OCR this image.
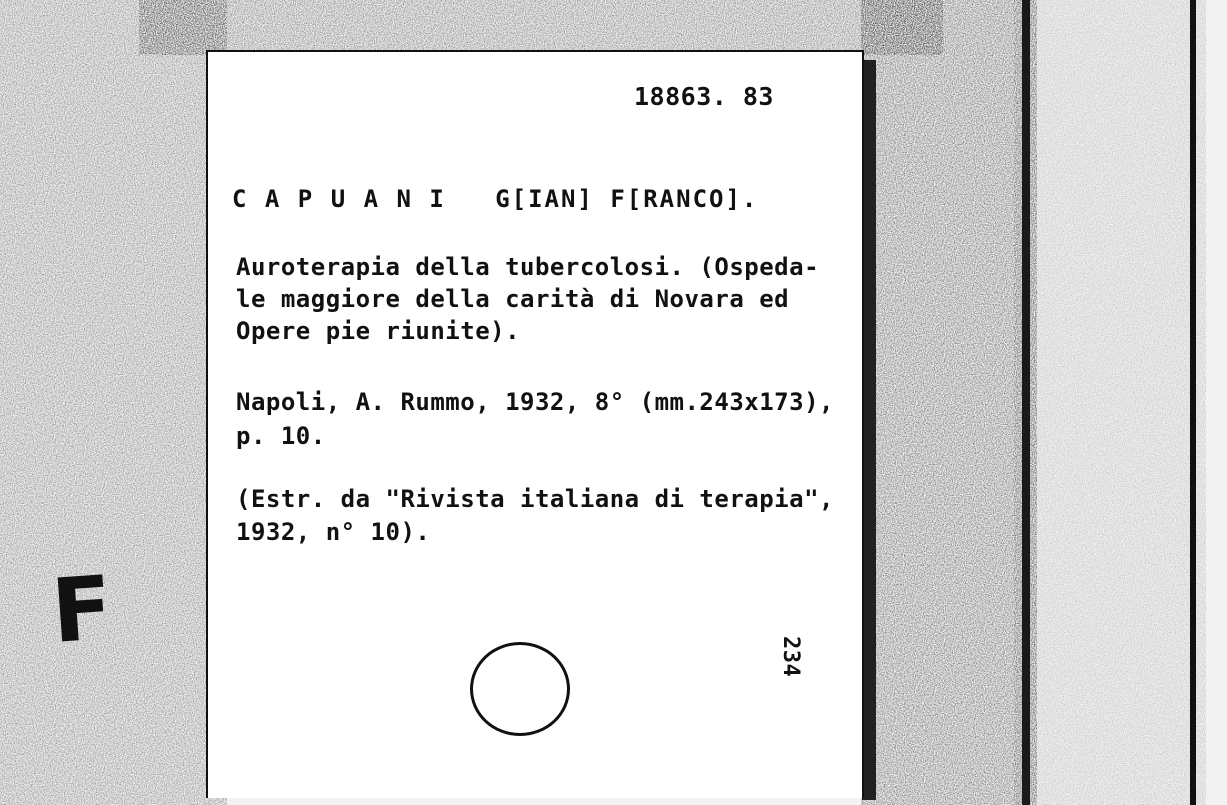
18863. 83
C A P U A N I   G[IAN] F[RANCO].
Auroterapia della tubercolosi. (Ospeda-
le maggiore della carità di Novara ed
Opere pie riunite).
Napoli, A. Rummo, 1932, 8° (mm.243x173),
p. 10.
(Estr. da "Rivista italiana di terapia",
1932, n° 10).
234
F
